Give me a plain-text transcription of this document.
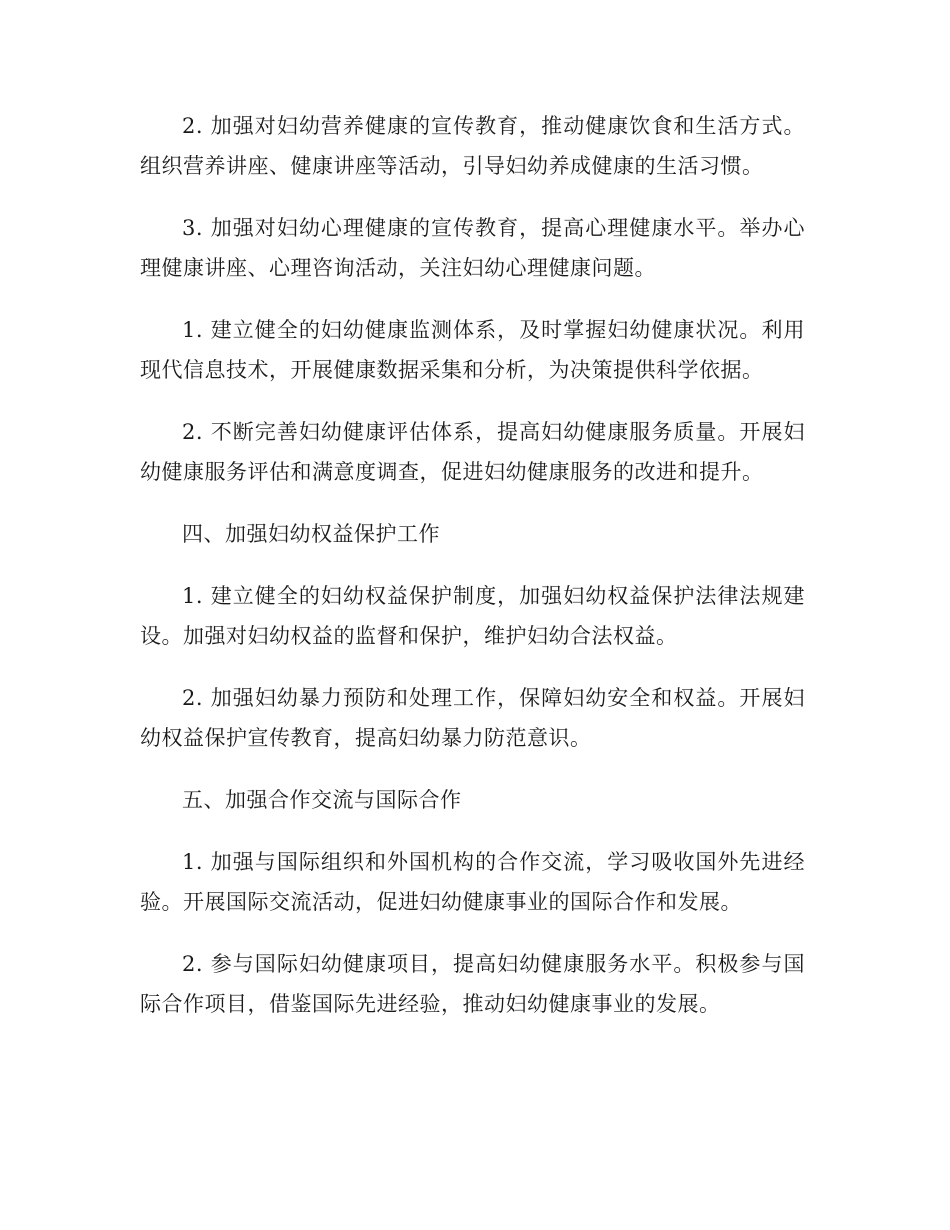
2. 加强对妇幼营养健康的宣传教育，推动健康饮食和生活方式。组织营养讲座、健康讲座等活动，引导妇幼养成健康的生活习惯。

3. 加强对妇幼心理健康的宣传教育，提高心理健康水平。举办心理健康讲座、心理咨询活动，关注妇幼心理健康问题。

1. 建立健全的妇幼健康监测体系，及时掌握妇幼健康状况。利用现代信息技术，开展健康数据采集和分析，为决策提供科学依据。

2. 不断完善妇幼健康评估体系，提高妇幼健康服务质量。开展妇幼健康服务评估和满意度调查，促进妇幼健康服务的改进和提升。

四、加强妇幼权益保护工作

1. 建立健全的妇幼权益保护制度，加强妇幼权益保护法律法规建设。加强对妇幼权益的监督和保护，维护妇幼合法权益。

2. 加强妇幼暴力预防和处理工作，保障妇幼安全和权益。开展妇幼权益保护宣传教育，提高妇幼暴力防范意识。

五、加强合作交流与国际合作

1. 加强与国际组织和外国机构的合作交流，学习吸收国外先进经验。开展国际交流活动，促进妇幼健康事业的国际合作和发展。

2. 参与国际妇幼健康项目，提高妇幼健康服务水平。积极参与国际合作项目，借鉴国际先进经验，推动妇幼健康事业的发展。
